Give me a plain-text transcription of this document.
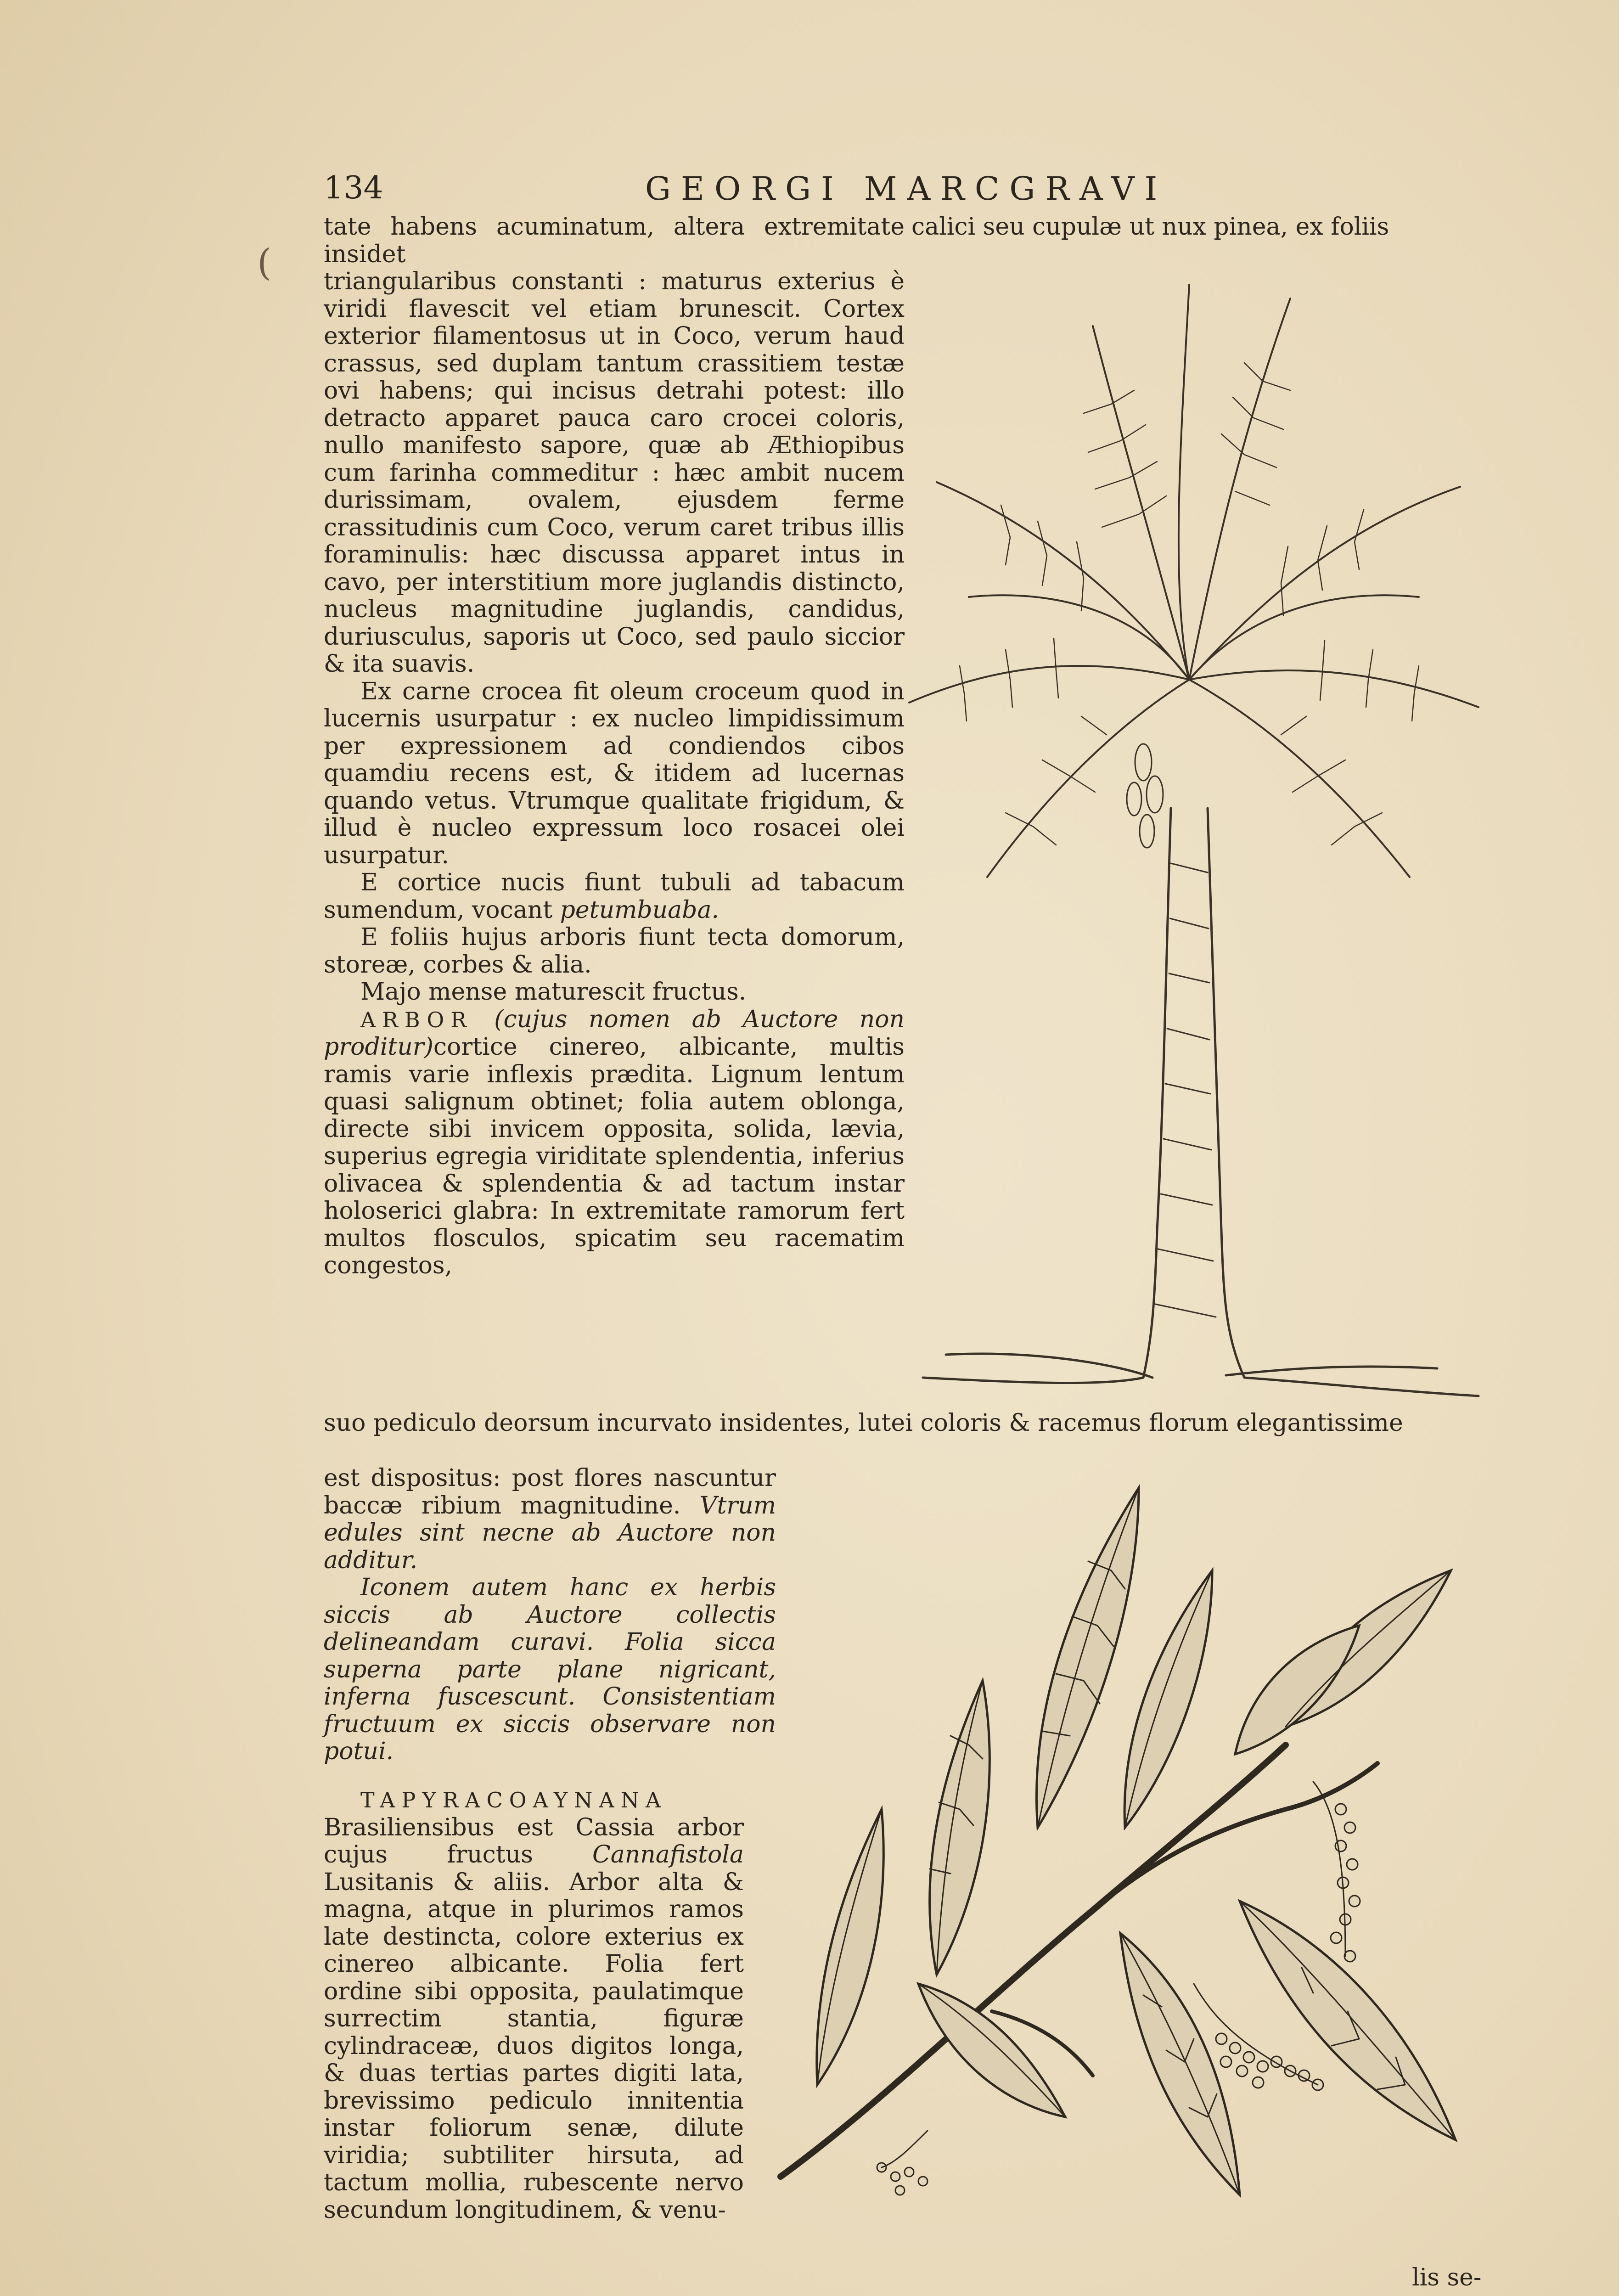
134	GEORGI MARCGRAVI
(
calici seu cupulæ ut nux pinea, ex foliis

tate habens acuminatum, altera extremitate insidet

triangularibus constanti : maturus exterius è viridi flavescit vel etiam brunescit. Cortex exterior filamentosus ut in Coco, verum haud crassus, sed duplam tantum crassitiem testæ ovi habens; qui incisus detrahi potest: illo detracto apparet pauca caro crocei coloris, nullo manifesto sapore, quæ ab Æthiopibus cum farinha commeditur : hæc ambit nucem durissimam, ovalem, ejusdem ferme crassitudinis cum Coco, verum caret tribus illis foraminulis: hæc discussa apparet intus in cavo, per interstitium more juglandis distincto, nucleus magnitudine juglandis, candidus, duriusculus, saporis ut Coco, sed paulo siccior & ita suavis.

Ex carne crocea fit oleum croceum quod in lucernis usurpatur : ex nucleo limpidissimum per expressionem ad condiendos cibos quamdiu recens est, & itidem ad lucernas quando vetus. Vtrumque qualitate frigidum, & illud è nucleo expressum loco rosacei olei usurpatur.

E cortice nucis fiunt tubuli ad tabacum sumendum, vocant petumbuaba.

E foliis hujus arboris fiunt tecta domorum, storeæ, corbes & alia.

Majo mense maturescit fructus.

ARBOR (cujus nomen ab Auctore non proditur)cortice cinereo, albicante, multis ramis varie inflexis prædita. Lignum lentum quasi salignum obtinet; folia autem oblonga, directe sibi invicem opposita, solida, lævia, superius egregia viriditate splendentia, inferius olivacea & splendentia & ad tactum instar holoserici glabra: In extremitate ramorum fert multos flosculos, spicatim seu racematim congestos,

suo pediculo deorsum incurvato insidentes, lutei coloris & racemus florum elegantissime

est dispositus: post flores nascuntur baccæ ribium magnitudine. Vtrum edules sint necne ab Auctore non additur.

Iconem autem hanc ex herbis siccis ab Auctore collectis delineandam curavi. Folia sicca superna parte plane nigricant, inferna fuscescunt. Consistentiam fructuum ex siccis observare non potui.

TAPYRACOAYNANA Brasiliensibus est Cassia arbor cujus fructus Cannafistola Lusitanis & aliis. Arbor alta & magna, atque in plurimos ramos late destincta, colore exterius ex cinereo albicante. Folia fert ordine sibi opposita, paulatimque surrectim stantia, figuræ cylindraceæ, duos digitos longa, & duas tertias partes digiti lata, brevissimo pediculo innitentia instar foliorum senæ, dilute viridia; subtiliter hirsuta, ad tactum mollia, rubescente nervo secundum longitudinem, & venu-

lis se-
